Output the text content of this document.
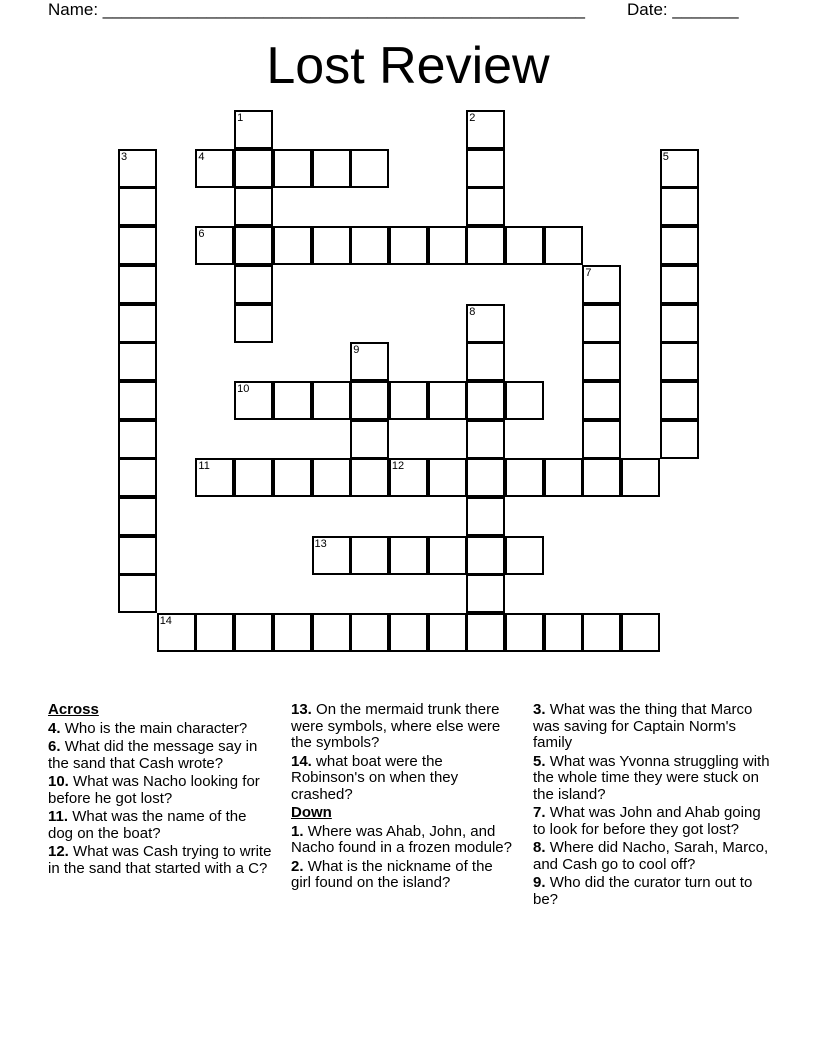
Name: ___________________________________________________ Date: _______
Lost Review
1	2
3	4	5
6
7
8
9
10
11	12
13
14
Across
4. Who is the main character?
6. What did the message say in the sand that Cash wrote?
10. What was Nacho looking for before he got lost?
11. What was the name of the dog on the boat?
12. What was Cash trying to write in the sand that started with a C?
13. On the mermaid trunk there were symbols, where else were the symbols?
14. what boat were the Robinson's on when they crashed?
Down
1. Where was Ahab, John, and Nacho found in a frozen module?
2. What is the nickname of the girl found on the island?
3. What was the thing that Marco was saving for Captain Norm's family
5. What was Yvonna struggling with the whole time they were stuck on the island?
7. What was John and Ahab going to look for before they got lost?
8. Where did Nacho, Sarah, Marco, and Cash go to cool off?
9. Who did the curator turn out to be?
